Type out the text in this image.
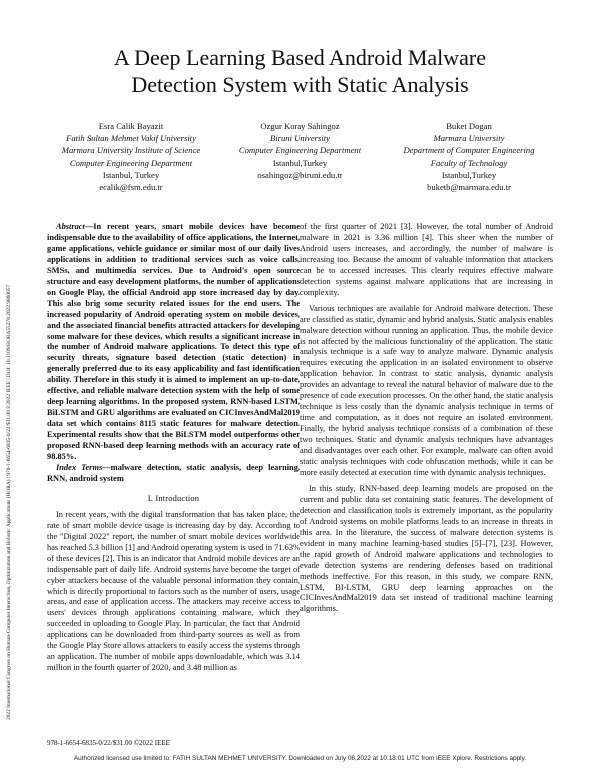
2022 International Congress on Human-Computer Interaction, Optimization and Robotic Applications (HORA) | 978-1-6654-6835-0/22/$31.00 ©2022 IEEE | DOI: 10.1109/HORA55278.2022.9800057
A Deep Learning Based Android Malware
Detection System with Static Analysis
Esra Calik Bayazit
Fatih Sultan Mehmet Vakif University
Marmara University Institute of Science
Computer Engineering Department
Istanbul, Turkey
ecalik@fsm.edu.tr
Ozgur Koray Sahingoz
Biruni University
Computer Engineering Department
Istanbul,Turkey
osahingoz@biruni.edu.tr
Buket Dogan
Marmara University
Department of Computer Engineering
Faculty of Technology
Istanbul,Turkey
buketb@marmara.edu.tr

Abstract—In recent years, smart mobile devices have become indispensable due to the availability of office applications, the Internet, game applications, vehicle guidance or similar most of our daily lives applications in addition to traditional services such as voice calls, SMSs, and multimedia services. Due to Android's open source structure and easy development platforms, the number of applications on Google Play, the official Android app store increased day by day. This also brig some security related issues for the end users. The increased popularity of Android operating system on mobile devices, and the associated financial benefits attracted attackers for developing some malware for these devices, which results a significant increase in the number of Android malware applications. To detect this type of security threats, signature based detection (static detection) in generally preferred due to its easy applicability and fast identification ability. Therefore in this study it is aimed to implement an up-to-date, effective, and reliable malware detection system with the help of some deep learning algorithms. In the proposed system, RNN-based LSTM, BiLSTM and GRU algorithms are evaluated on CICInvesAndMal2019 data set which contains 8115 static features for malware detection. Experimental results show that the BiLSTM model outperforms other proposed RNN-based deep learning methods with an accuracy rate of 98.85%.

Index Terms—malware detection, static analysis, deep learning, RNN, android system

I. Introduction

In recent years, with the digital transformation that has taken place, the rate of smart mobile device usage is increasing day by day. According to the "Digital 2022" report, the number of smart mobile devices worldwide has reached 5.3 billion [1] and Android operating system is used in 71.63% of these devices [2]. This is an indicator that Android mobile devices are an indispensable part of daily life. Android systems have become the target of cyber attackers because of the valuable personal information they contain, which is directly proportional to factors such as the number of users, usage areas, and ease of application access. The attackers may receive access to users' devices through applications containing malware, which they succeeded in uploading to Google Play. In particular, the fact that Android applications can be downloaded from third-party sources as well as from the Google Play Store allows attackers to easily access the systems through an application. The number of mobile apps downloadable, which was 3.14 million in the fourth quarter of 2020, and 3.48 million as

of the first quarter of 2021 [3]. However, the total number of Android malware in 2021 is 3.36 million [4]. This sheer when the number of Android users increases, and accordingly, the number of malware is increasing too. Because the amount of valuable information that attackers can be to accessed increases. This clearly requires effective malware detection systems against malware applications that are increasing in complexity.

Various techniques are available for Android malware detection. These are classified as static, dynamic and hybrid analysis. Static analysis enables malware detection without running an application. Thus, the mobile device is not affected by the malicious functionality of the application. The static analysis technique is a safe way to analyze malware. Dynamic analysis requires executing the application in an isolated environment to observe application behavior. In contrast to static analysis, dynamic analysis provides an advantage to reveal the natural behavior of malware due to the presence of code execution processes. On the other hand, the static analysis technique is less costly than the dynamic analysis technique in terms of time and computation, as it does not require an isolated environment. Finally, the hybrid analysis technique consists of a combination of these two techniques. Static and dynamic analysis techniques have advantages and disadvantages over each other. For example, malware can often avoid static analysis techniques with code obfuscation methods, while it can be more easily detected at execution time with dynamic analysis techniques.

In this study, RNN-based deep learning models are proposed on the current and public data set containing static features. The development of detection and classification tools is extremely important, as the popularity of Android systems on mobile platforms leads to an increase in threats in this area. In the literature, the success of malware detection systems is evident in many machine learning-based studies [5]–[7], [23]. However, the rapid growth of Android malware applications and technologies to evade detection systems are rendering defenses based on traditional methods ineffective. For this reason, in this study, we compare RNN, LSTM, BI-LSTM, GRU deep learning approaches on the CICInvesAndMal2019 data set instead of traditional machine learning algorithms.

978-1-6654-6835-0/22/$31.00 ©2022 IEEE
Authorized licensed use limited to: FATIH SULTAN MEHMET UNIVERSITY. Downloaded on July 08,2022 at 10:18:01 UTC from IEEE Xplore. Restrictions apply.
